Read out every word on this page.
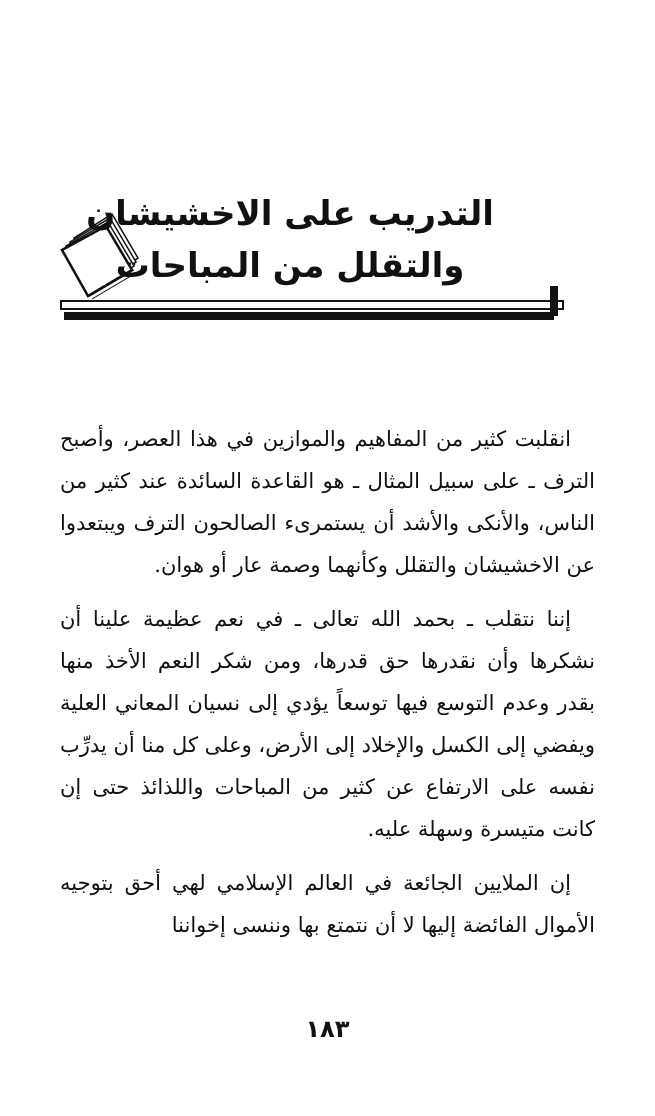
التدريب على الاخشيشان
والتقلل من المباحات

انقلبت كثير من المفاهيم والموازين في هذا العصر، وأصبح الترف ـ على سبيل المثال ـ هو القاعدة السائدة عند كثير من الناس، والأنكى والأشد أن يستمرىء الصالحون الترف ويبتعدوا عن الاخشيشان والتقلل وكأنهما وصمة عار أو هوان.

إننا نتقلب ـ بحمد الله تعالى ـ في نعم عظيمة علينا أن نشكرها وأن نقدرها حق قدرها، ومن شكر النعم الأخذ منها بقدر وعدم التوسع فيها توسعاً يؤدي إلى نسيان المعاني العلية ويفضي إلى الكسل والإخلاد إلى الأرض، وعلى كل منا أن يدرِّب نفسه على الارتفاع عن كثير من المباحات واللذائذ حتى إن كانت متيسرة وسهلة عليه.

إن الملايين الجائعة في العالم الإسلامي لهي أحق بتوجيه الأموال الفائضة إليها لا أن نتمتع بها وننسى إخواننا

١٨٣
